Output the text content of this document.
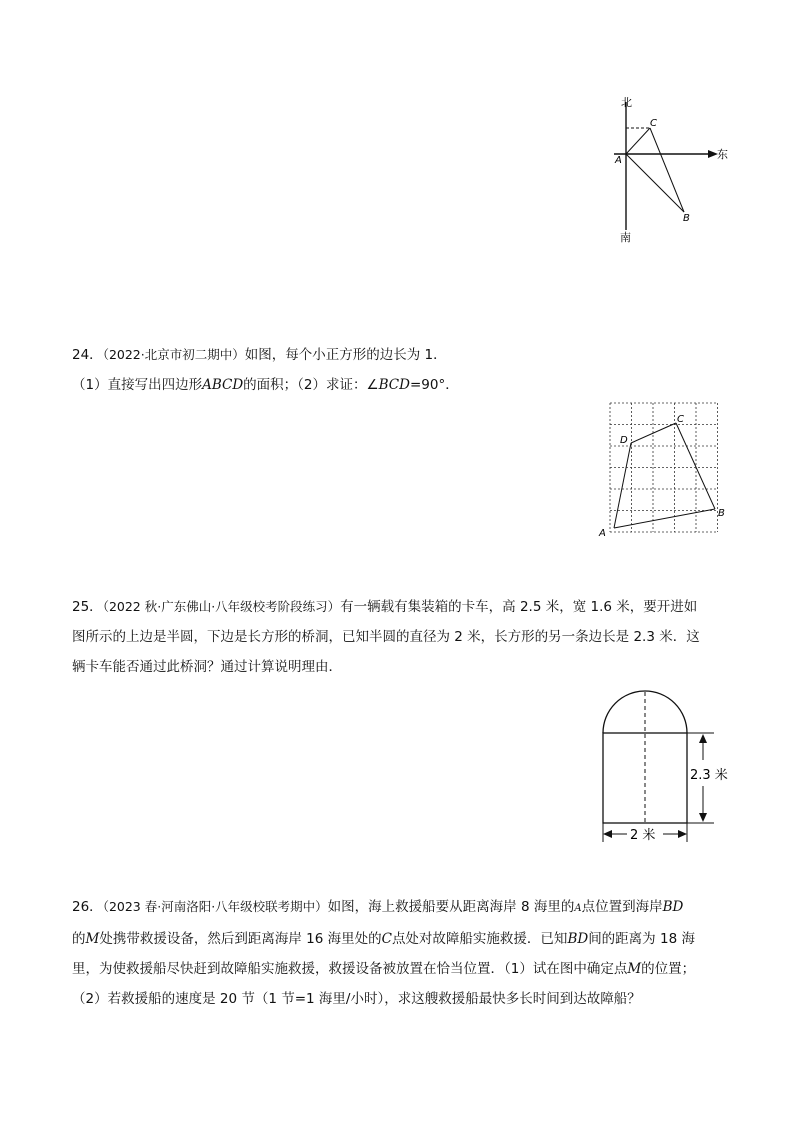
北
东
南
A
B
C

24．（2022·北京市初二期中）如图，每个小正方形的边长为 1．

（1）直接写出四边形ABCD的面积；（2）求证：∠BCD=90°．

A
B
C
D

25．（2022 秋·广东佛山·八年级校考阶段练习）有一辆载有集装箱的卡车，高 2.5 米，宽 1.6 米，要开进如

图所示的上边是半圆，下边是长方形的桥洞，已知半圆的直径为 2 米，长方形的另一条边长是 2.3 米．这

辆卡车能否通过此桥洞？通过计算说明理由．

2.3 米
2 米

26．（2023 春·河南洛阳·八年级校联考期中）如图，海上救援船要从距离海岸 8 海里的A点位置到海岸BD

的M处携带救援设备，然后到距离海岸 16 海里处的C点处对故障船实施救援．已知BD间的距离为 18 海

里，为使救援船尽快赶到故障船实施救援，救援设备被放置在恰当位置．（1）试在图中确定点M的位置；

（2）若救援船的速度是 20 节（1 节=1 海里/小时），求这艘救援船最快多长时间到达故障船？
